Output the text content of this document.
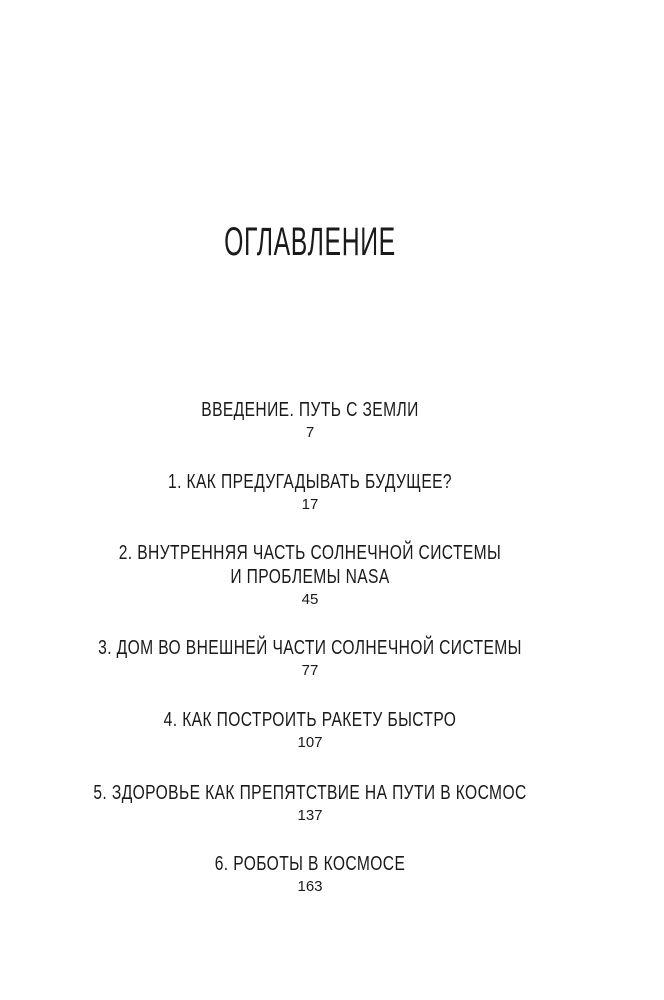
ОГЛАВЛЕНИЕ
ВВЕДЕНИЕ. ПУТЬ С ЗЕМЛИ
7
1. КАК ПРЕДУГАДЫВАТЬ БУДУЩЕЕ?
17
2. ВНУТРЕННЯЯ ЧАСТЬ СОЛНЕЧНОЙ СИСТЕМЫ
И ПРОБЛЕМЫ NASA
45
3. ДОМ ВО ВНЕШНЕЙ ЧАСТИ СОЛНЕЧНОЙ СИСТЕМЫ
77
4. КАК ПОСТРОИТЬ РАКЕТУ БЫСТРО
107
5. ЗДОРОВЬЕ КАК ПРЕПЯТСТВИЕ НА ПУТИ В КОСМОС
137
6. РОБОТЫ В КОСМОСЕ
163
